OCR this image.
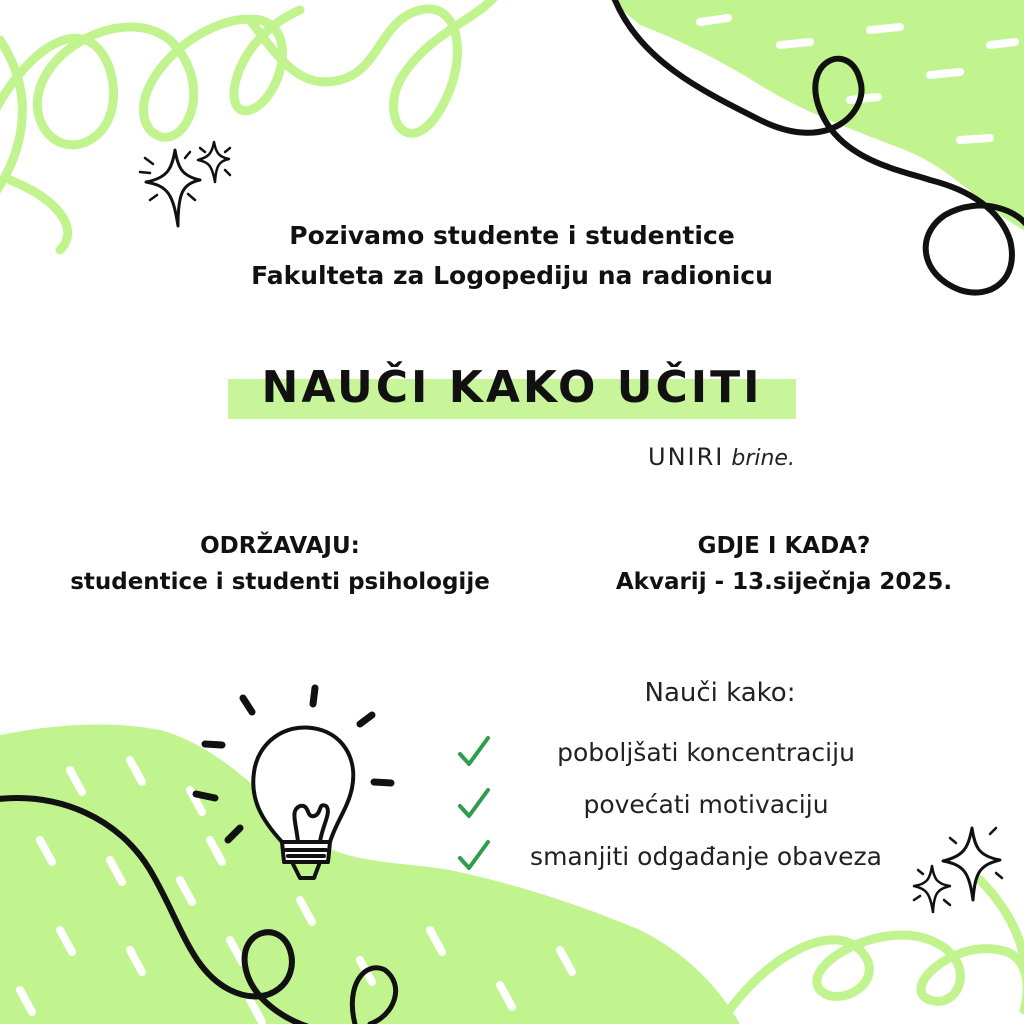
Pozivamo studente i studentice
Fakulteta za Logopediju na radionicu
NAUČI KAKO UČITI
UNIRI brine.
ODRŽAVAJU:
studentice i studenti psihologije
GDJE I KADA?
Akvarij - 13.siječnja 2025.
Nauči kako:
poboljšati koncentraciju
povećati motivaciju
smanjiti odgađanje obaveza
